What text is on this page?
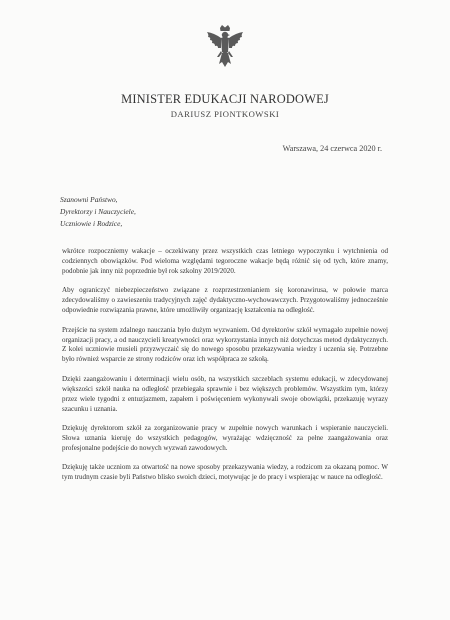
MINISTER EDUKACJI NARODOWEJ
DARIUSZ PIONTKOWSKI
Warszawa, 24 czerwca 2020 r.
Szanowni Państwo,
Dyrektorzy i Nauczyciele,
Uczniowie i Rodzice,

wkrótce rozpoczniemy wakacje – oczekiwany przez wszystkich czas letniego wypoczynku i wytchnienia od codziennych obowiązków. Pod wieloma względami tegoroczne wakacje będą różnić się od tych, które znamy, podobnie jak inny niż poprzednie był rok szkolny 2019/2020.

Aby ograniczyć niebezpieczeństwo związane z rozprzestrzenianiem się koronawirusa, w połowie marca zdecydowaliśmy o zawieszeniu tradycyjnych zajęć dydaktyczno-wychowawczych. Przygotowaliśmy jednocześnie odpowiednie rozwiązania prawne, które umożliwiły organizację kształcenia na odległość.

Przejście na system zdalnego nauczania było dużym wyzwaniem. Od dyrektorów szkół wymagało zupełnie nowej organizacji pracy, a od nauczycieli kreatywności oraz wykorzystania innych niż dotychczas metod dydaktycznych. Z kolei uczniowie musieli przyzwyczaić się do nowego sposobu przekazywania wiedzy i uczenia się. Potrzebne było również wsparcie ze strony rodziców oraz ich współpraca ze szkołą.

Dzięki zaangażowaniu i determinacji wielu osób, na wszystkich szczeblach systemu edukacji, w zdecydowanej większości szkół nauka na odległość przebiegała sprawnie i bez większych problemów. Wszystkim tym, którzy przez wiele tygodni z entuzjazmem, zapałem i poświęceniem wykonywali swoje obowiązki, przekazuję wyrazy szacunku i uznania.

Dziękuję dyrektorom szkół za zorganizowanie pracy w zupełnie nowych warunkach i wspieranie nauczycieli. Słowa uznania kieruję do wszystkich pedagogów, wyrażając wdzięczność za pełne zaangażowania oraz profesjonalne podejście do nowych wyzwań zawodowych.

Dziękuję także uczniom za otwartość na nowe sposoby przekazywania wiedzy, a rodzicom za okazaną pomoc. W tym trudnym czasie byli Państwo blisko swoich dzieci, motywując je do pracy i wspierając w nauce na odległość.
